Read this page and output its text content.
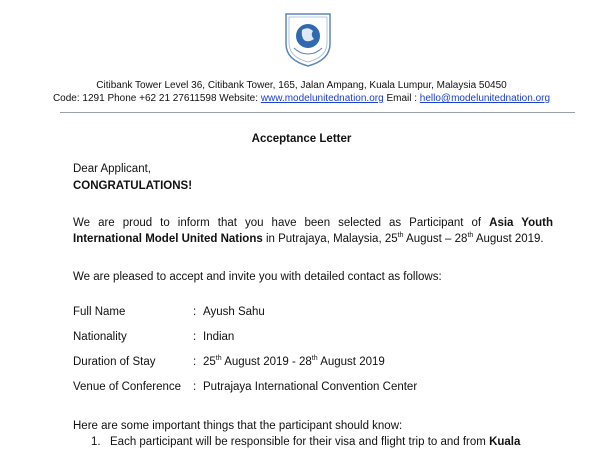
Citibank Tower Level 36, Citibank Tower, 165, Jalan Ampang, Kuala Lumpur, Malaysia 50450
Code: 1291 Phone +62 21 27611598 Website: www.modelunitednation.org Email : hello@modelunitednation.org
Acceptance Letter
Dear Applicant,
CONGRATULATIONS!
We are proud to inform that you have been selected as Participant of Asia Youth International Model United Nations in Putrajaya, Malaysia, 25th August – 28th August 2019.
We are pleased to accept and invite you with detailed contact as follows:
Full Name	: Ayush Sahu
Nationality	: Indian
Duration of Stay	: 25th August 2019 - 28th August 2019
Venue of Conference : Putrajaya International Convention Center
Here are some important things that the participant should know:
1. Each participant will be responsible for their visa and flight trip to and from Kuala
